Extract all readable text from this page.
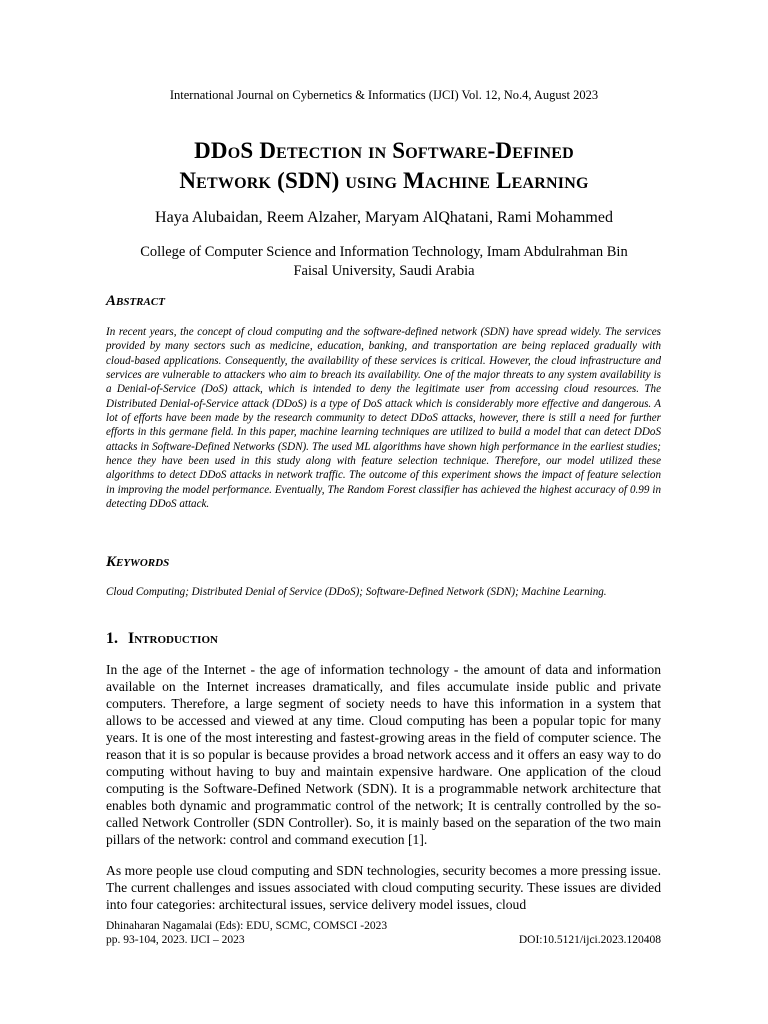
International Journal on Cybernetics & Informatics (IJCI) Vol. 12, No.4, August 2023
DDoS Detection in Software-Defined
Network (SDN) using Machine Learning
Haya Alubaidan, Reem Alzaher, Maryam AlQhatani, Rami Mohammed
College of Computer Science and Information Technology, Imam Abdulrahman Bin
Faisal University, Saudi Arabia
Abstract
In recent years, the concept of cloud computing and the software-defined network (SDN) have spread widely. The services provided by many sectors such as medicine, education, banking, and transportation are being replaced gradually with cloud-based applications. Consequently, the availability of these services is critical. However, the cloud infrastructure and services are vulnerable to attackers who aim to breach its availability. One of the major threats to any system availability is a Denial-of-Service (DoS) attack, which is intended to deny the legitimate user from accessing cloud resources. The Distributed Denial-of-Service attack (DDoS) is a type of DoS attack which is considerably more effective and dangerous. A lot of efforts have been made by the research community to detect DDoS attacks, however, there is still a need for further efforts in this germane field. In this paper, machine learning techniques are utilized to build a model that can detect DDoS attacks in Software-Defined Networks (SDN). The used ML algorithms have shown high performance in the earliest studies; hence they have been used in this study along with feature selection technique. Therefore, our model utilized these algorithms to detect DDoS attacks in network traffic. The outcome of this experiment shows the impact of feature selection in improving the model performance. Eventually, The Random Forest classifier has achieved the highest accuracy of 0.99 in detecting DDoS attack.
Keywords
Cloud Computing; Distributed Denial of Service (DDoS); Software-Defined Network (SDN); Machine Learning.
1. Introduction
In the age of the Internet - the age of information technology - the amount of data and information available on the Internet increases dramatically, and files accumulate inside public and private computers. Therefore, a large segment of society needs to have this information in a system that allows to be accessed and viewed at any time. Cloud computing has been a popular topic for many years. It is one of the most interesting and fastest-growing areas in the field of computer science. The reason that it is so popular is because provides a broad network access and it offers an easy way to do computing without having to buy and maintain expensive hardware. One application of the cloud computing is the Software-Defined Network (SDN). It is a programmable network architecture that enables both dynamic and programmatic control of the network; It is centrally controlled by the so-called Network Controller (SDN Controller). So, it is mainly based on the separation of the two main pillars of the network: control and command execution [1].
As more people use cloud computing and SDN technologies, security becomes a more pressing issue. The current challenges and issues associated with cloud computing security. These issues are divided into four categories: architectural issues, service delivery model issues, cloud
Dhinaharan Nagamalai (Eds): EDU, SCMC, COMSCI -2023
pp. 93-104, 2023. IJCI – 2023	DOI:10.5121/ijci.2023.120408
